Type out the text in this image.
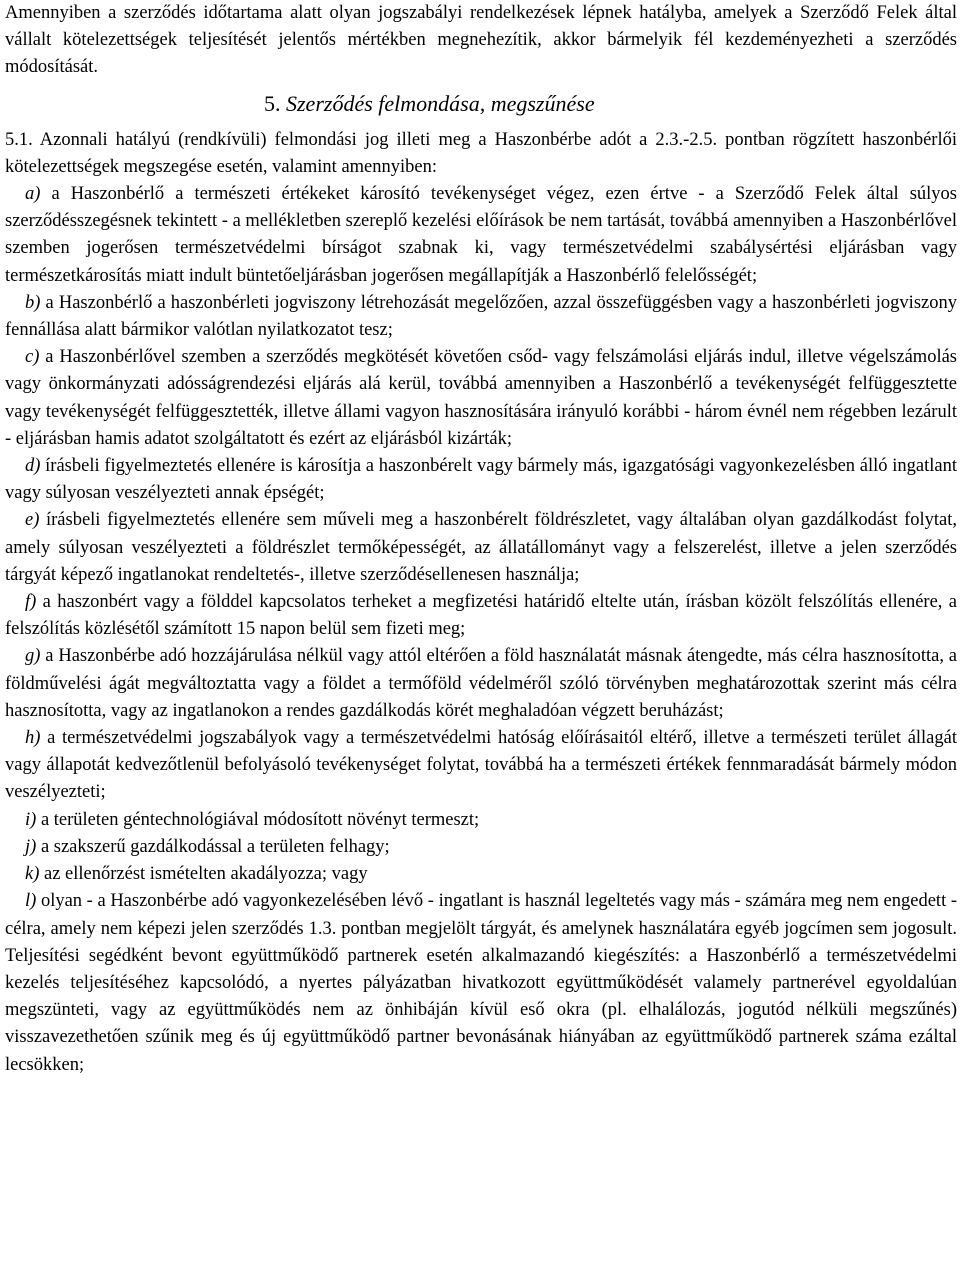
Amennyiben a szerződés időtartama alatt olyan jogszabályi rendelkezések lépnek hatályba, amelyek a Szerződő Felek által vállalt kötelezettségek teljesítését jelentős mértékben megnehezítik, akkor bármelyik fél kezdeményezheti a szerződés módosítását.

5. Szerződés felmondása, megszűnése

5.1. Azonnali hatályú (rendkívüli) felmondási jog illeti meg a Haszonbérbe adót a 2.3.-2.5. pontban rögzített haszonbérlői kötelezettségek megszegése esetén, valamint amennyiben:

a) a Haszonbérlő a természeti értékeket károsító tevékenységet végez, ezen értve - a Szerződő Felek által súlyos szerződésszegésnek tekintett - a mellékletben szereplő kezelési előírások be nem tartását, továbbá amennyiben a Haszonbérlővel szemben jogerősen természetvédelmi bírságot szabnak ki, vagy természetvédelmi szabálysértési eljárásban vagy természetkárosítás miatt indult büntetőeljárásban jogerősen megállapítják a Haszonbérlő felelősségét;

b) a Haszonbérlő a haszonbérleti jogviszony létrehozását megelőzően, azzal összefüggésben vagy a haszonbérleti jogviszony fennállása alatt bármikor valótlan nyilatkozatot tesz;

c) a Haszonbérlővel szemben a szerződés megkötését követően csőd- vagy felszámolási eljárás indul, illetve végelszámolás vagy önkormányzati adósságrendezési eljárás alá kerül, továbbá amennyiben a Haszonbérlő a tevékenységét felfüggesztette vagy tevékenységét felfüggesztették, illetve állami vagyon hasznosítására irányuló korábbi - három évnél nem régebben lezárult - eljárásban hamis adatot szolgáltatott és ezért az eljárásból kizárták;

d) írásbeli figyelmeztetés ellenére is károsítja a haszonbérelt vagy bármely más, igazgatósági vagyonkezelésben álló ingatlant vagy súlyosan veszélyezteti annak épségét;

e) írásbeli figyelmeztetés ellenére sem műveli meg a haszonbérelt földrészletet, vagy általában olyan gazdálkodást folytat, amely súlyosan veszélyezteti a földrészlet termőképességét, az állatállományt vagy a felszerelést, illetve a jelen szerződés tárgyát képező ingatlanokat rendeltetés-, illetve szerződésellenesen használja;

f) a haszonbért vagy a földdel kapcsolatos terheket a megfizetési határidő eltelte után, írásban közölt felszólítás ellenére, a felszólítás közlésétől számított 15 napon belül sem fizeti meg;

g) a Haszonbérbe adó hozzájárulása nélkül vagy attól eltérően a föld használatát másnak átengedte, más célra hasznosította, a földművelési ágát megváltoztatta vagy a földet a termőföld védelméről szóló törvényben meghatározottak szerint más célra hasznosította, vagy az ingatlanokon a rendes gazdálkodás körét meghaladóan végzett beruházást;

h) a természetvédelmi jogszabályok vagy a természetvédelmi hatóság előírásaitól eltérő, illetve a természeti terület állagát vagy állapotát kedvezőtlenül befolyásoló tevékenységet folytat, továbbá ha a természeti értékek fennmaradását bármely módon veszélyezteti;

i) a területen géntechnológiával módosított növényt termeszt;

j) a szakszerű gazdálkodással a területen felhagy;

k) az ellenőrzést ismételten akadályozza; vagy

l) olyan - a Haszonbérbe adó vagyonkezelésében lévő - ingatlant is használ legeltetés vagy más - számára meg nem engedett - célra, amely nem képezi jelen szerződés 1.3. pontban megjelölt tárgyát, és amelynek használatára egyéb jogcímen sem jogosult. Teljesítési segédként bevont együttműködő partnerek esetén alkalmazandó kiegészítés: a Haszonbérlő a természetvédelmi kezelés teljesítéséhez kapcsolódó, a nyertes pályázatban hivatkozott együttműködését valamely partnerével egyoldalúan megszünteti, vagy az együttműködés nem az önhibáján kívül eső okra (pl. elhalálozás, jogutód nélküli megszűnés) visszavezethetően szűnik meg és új együttműködő partner bevonásának hiányában az együttműködő partnerek száma ezáltal lecsökken;
